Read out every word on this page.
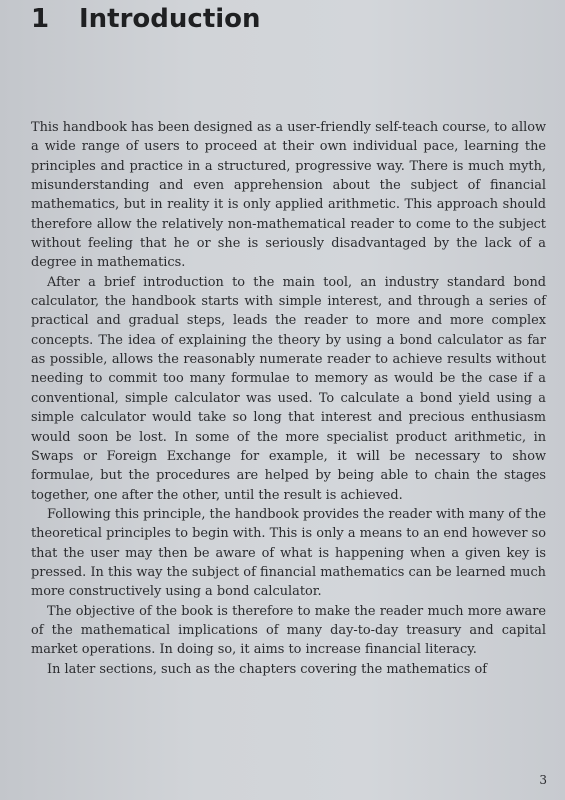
1 Introduction

This handbook has been designed as a user-friendly self-teach course, to allow a wide range of users to proceed at their own individual pace, learning the principles and practice in a structured, progressive way. There is much myth, misunderstanding and even apprehension about the subject of financial mathematics, but in reality it is only applied arithmetic. This approach should therefore allow the relatively non-mathematical reader to come to the subject without feeling that he or she is seriously disadvantaged by the lack of a degree in mathematics.

After a brief introduction to the main tool, an industry standard bond calculator, the handbook starts with simple interest, and through a series of practical and gradual steps, leads the reader to more and more complex concepts. The idea of explaining the theory by using a bond calculator as far as possible, allows the reasonably numerate reader to achieve results without needing to commit too many formulae to memory as would be the case if a conventional, simple calculator was used. To calculate a bond yield using a simple calculator would take so long that interest and precious enthusiasm would soon be lost. In some of the more specialist product arithmetic, in Swaps or Foreign Exchange for example, it will be necessary to show formulae, but the procedures are helped by being able to chain the stages together, one after the other, until the result is achieved.

Following this principle, the handbook provides the reader with many of the theoretical principles to begin with. This is only a means to an end however so that the user may then be aware of what is happening when a given key is pressed. In this way the subject of financial mathematics can be learned much more constructively using a bond calculator.

The objective of the book is therefore to make the reader much more aware of the mathematical implications of many day-to-day treasury and capital market operations. In doing so, it aims to increase financial literacy.

In later sections, such as the chapters covering the mathematics of

3
